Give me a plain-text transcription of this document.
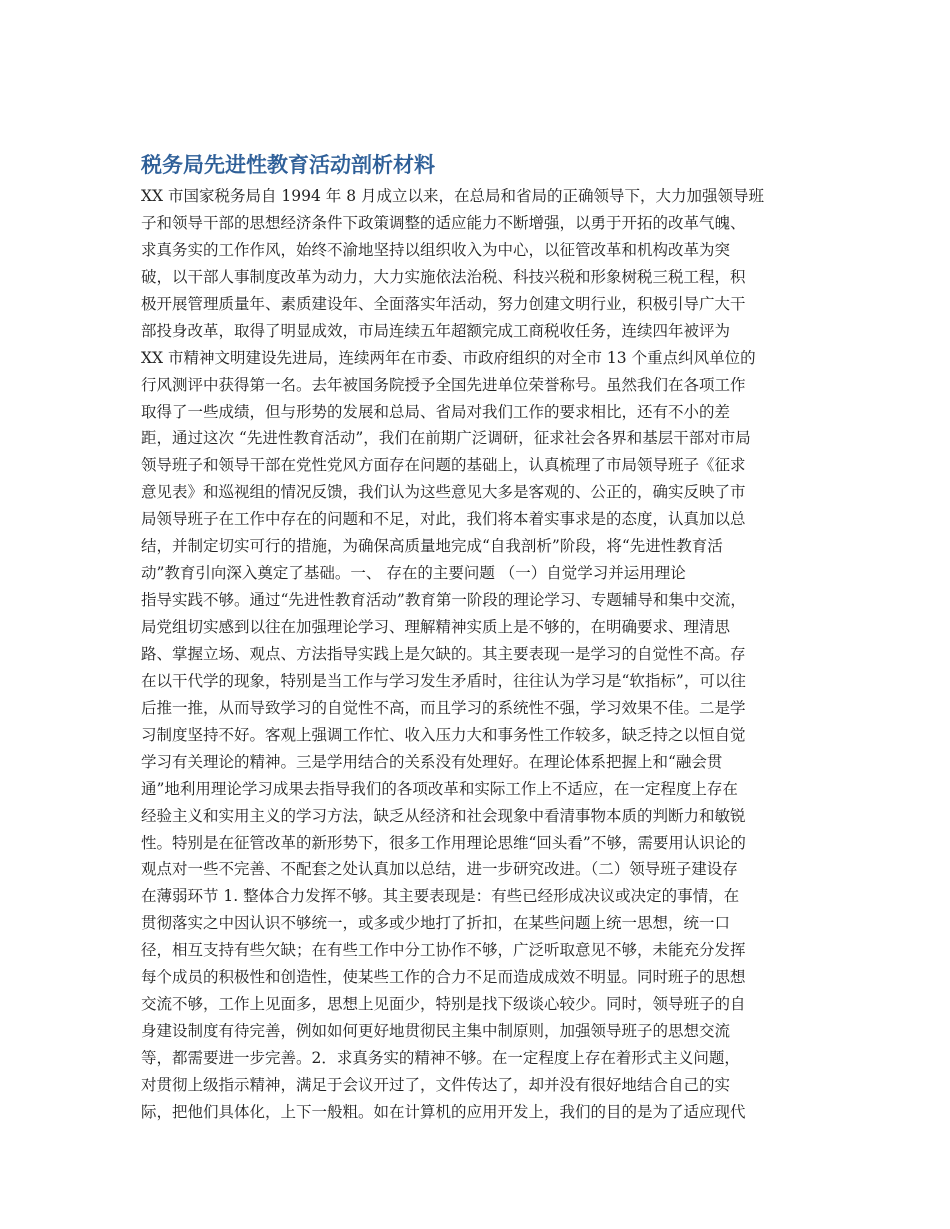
税务局先进性教育活动剖析材料
XX 市国家税务局自 1994 年 8 月成立以来，在总局和省局的正确领导下，大力加强领导班
子和领导干部的思想经济条件下政策调整的适应能力不断增强，以勇于开拓的改革气魄、
求真务实的工作作风，始终不渝地坚持以组织收入为中心，以征管改革和机构改革为突
破，以干部人事制度改革为动力，大力实施依法治税、科技兴税和形象树税三税工程，积
极开展管理质量年、素质建设年、全面落实年活动，努力创建文明行业，积极引导广大干
部投身改革，取得了明显成效，市局连续五年超额完成工商税收任务，连续四年被评为
XX 市精神文明建设先进局，连续两年在市委、市政府组织的对全市 13 个重点纠风单位的
行风测评中获得第一名。去年被国务院授予全国先进单位荣誉称号。虽然我们在各项工作
取得了一些成绩，但与形势的发展和总局、省局对我们工作的要求相比，还有不小的差
距，通过这次 “先进性教育活动”，我们在前期广泛调研，征求社会各界和基层干部对市局
领导班子和领导干部在党性党风方面存在问题的基础上，认真梳理了市局领导班子《征求
意见表》和巡视组的情况反馈，我们认为这些意见大多是客观的、公正的，确实反映了市
局领导班子在工作中存在的问题和不足，对此，我们将本着实事求是的态度，认真加以总
结，并制定切实可行的措施，为确保高质量地完成“自我剖析”阶段，将“先进性教育活
动”教育引向深入奠定了基础。一、 存在的主要问题 （一）自觉学习并运用理论
指导实践不够。通过“先进性教育活动”教育第一阶段的理论学习、专题辅导和集中交流，
局党组切实感到以往在加强理论学习、理解精神实质上是不够的，在明确要求、理清思
路、掌握立场、观点、方法指导实践上是欠缺的。其主要表现一是学习的自觉性不高。存
在以干代学的现象，特别是当工作与学习发生矛盾时，往往认为学习是“软指标”，可以往
后推一推，从而导致学习的自觉性不高，而且学习的系统性不强，学习效果不佳。二是学
习制度坚持不好。客观上强调工作忙、收入压力大和事务性工作较多，缺乏持之以恒自觉
学习有关理论的精神。三是学用结合的关系没有处理好。在理论体系把握上和“融会贯
通”地利用理论学习成果去指导我们的各项改革和实际工作上不适应，在一定程度上存在
经验主义和实用主义的学习方法，缺乏从经济和社会现象中看清事物本质的判断力和敏锐
性。特别是在征管改革的新形势下，很多工作用理论思维“回头看”不够，需要用认识论的
观点对一些不完善、不配套之处认真加以总结，进一步研究改进。（二）领导班子建设存
在薄弱环节 1. 整体合力发挥不够。其主要表现是：有些已经形成决议或决定的事情，在
贯彻落实之中因认识不够统一，或多或少地打了折扣，在某些问题上统一思想，统一口
径，相互支持有些欠缺；在有些工作中分工协作不够，广泛听取意见不够，未能充分发挥
每个成员的积极性和创造性，使某些工作的合力不足而造成成效不明显。同时班子的思想
交流不够，工作上见面多，思想上见面少，特别是找下级谈心较少。同时，领导班子的自
身建设制度有待完善，例如如何更好地贯彻民主集中制原则，加强领导班子的思想交流
等，都需要进一步完善。2．求真务实的精神不够。在一定程度上存在着形式主义问题，
对贯彻上级指示精神，满足于会议开过了，文件传达了，却并没有很好地结合自己的实
际，把他们具体化，上下一般粗。如在计算机的应用开发上，我们的目的是为了适应现代
